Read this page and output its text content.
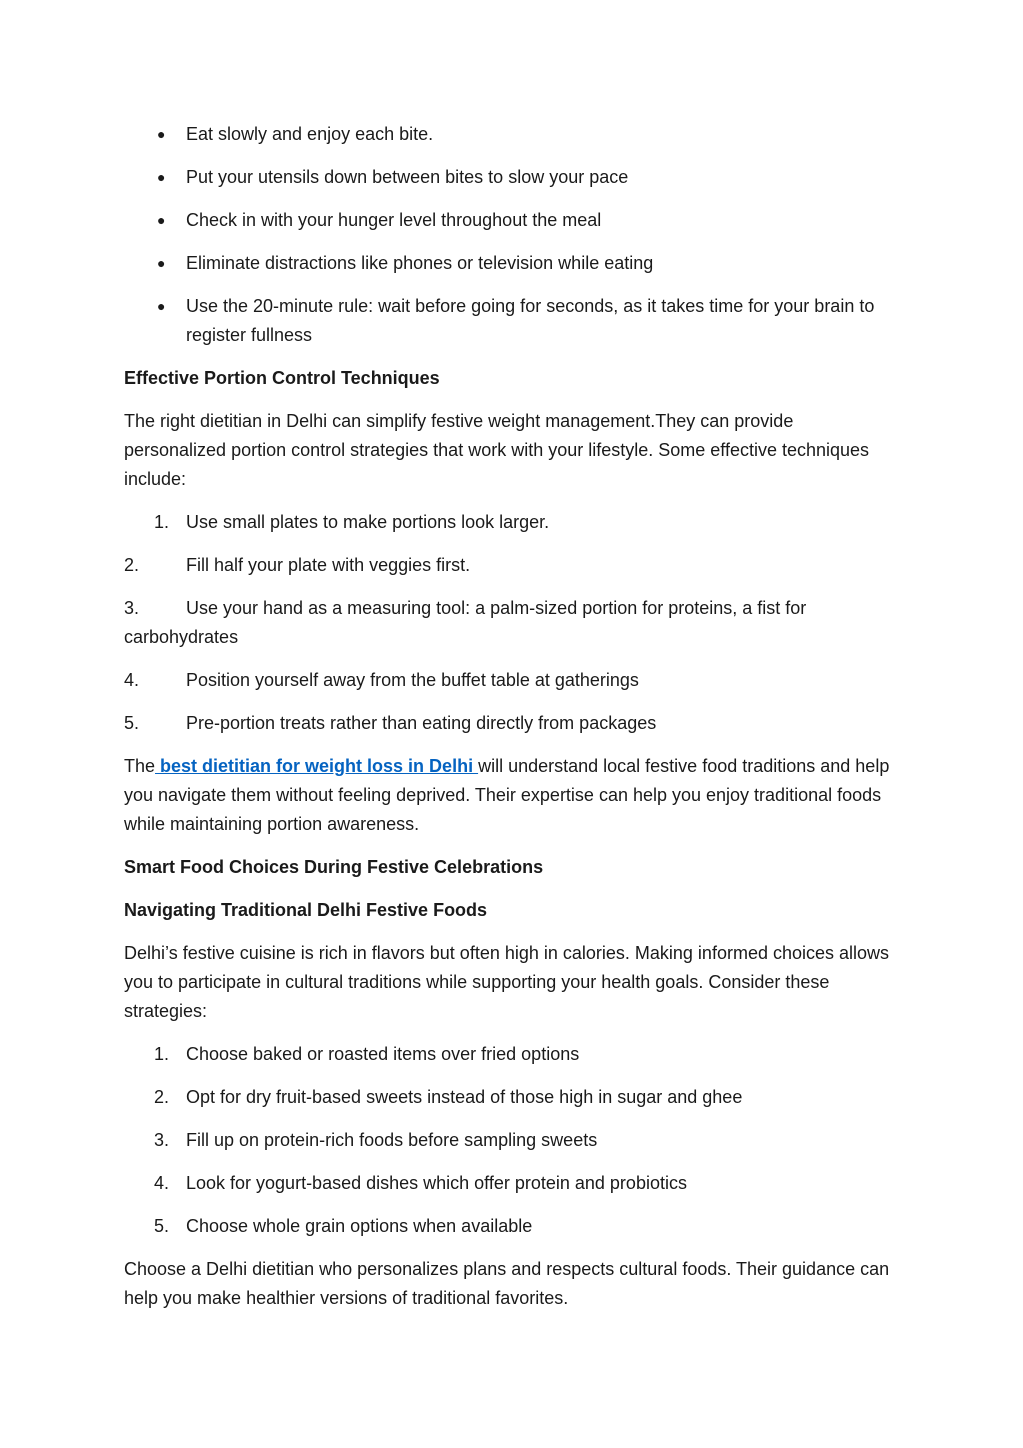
● Eat slowly and enjoy each bite.
● Put your utensils down between bites to slow your pace
● Check in with your hunger level throughout the meal
● Eliminate distractions like phones or television while eating
● Use the 20-minute rule: wait before going for seconds, as it takes time for your brain to register fullness
Effective Portion Control Techniques
The right dietitian in Delhi can simplify festive weight management.They can provide personalized portion control strategies that work with your lifestyle. Some effective techniques include:
1. Use small plates to make portions look larger.
2.	Fill half your plate with veggies first.
3.	Use your hand as a measuring tool: a palm-sized portion for proteins, a fist for carbohydrates
4.	Position yourself away from the buffet table at gatherings
5.	Pre-portion treats rather than eating directly from packages
The best dietitian for weight loss in Delhi will understand local festive food traditions and help you navigate them without feeling deprived. Their expertise can help you enjoy traditional foods while maintaining portion awareness.
Smart Food Choices During Festive Celebrations
Navigating Traditional Delhi Festive Foods
Delhi’s festive cuisine is rich in flavors but often high in calories. Making informed choices allows you to participate in cultural traditions while supporting your health goals. Consider these strategies:
1. Choose baked or roasted items over fried options
2. Opt for dry fruit-based sweets instead of those high in sugar and ghee
3. Fill up on protein-rich foods before sampling sweets
4. Look for yogurt-based dishes which offer protein and probiotics
5. Choose whole grain options when available
Choose a Delhi dietitian who personalizes plans and respects cultural foods. Their guidance can help you make healthier versions of traditional favorites.
